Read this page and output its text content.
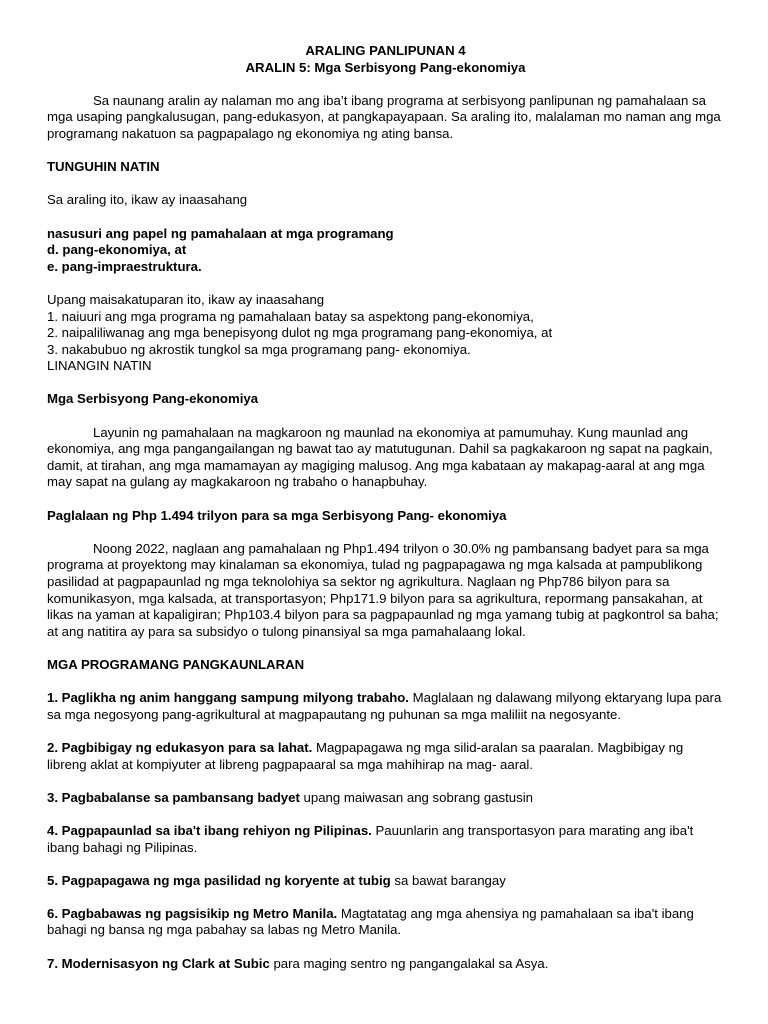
ARALING PANLIPUNAN 4

ARALIN 5: Mga Serbisyong Pang-ekonomiya

Sa naunang aralin ay nalaman mo ang iba’t ibang programa at serbisyong panlipunan ng pamahalaan sa mga usaping pangkalusugan, pang-edukasyon, at pangkapayapaan. Sa araling ito, malalaman mo naman ang mga programang nakatuon sa pagpapalago ng ekonomiya ng ating bansa.

TUNGUHIN NATIN

Sa araling ito, ikaw ay inaasahang

nasusuri ang papel ng pamahalaan at mga programang

d. pang-ekonomiya, at

e. pang-impraestruktura.

Upang maisakatuparan ito, ikaw ay inaasahang

1. naiuuri ang mga programa ng pamahalaan batay sa aspektong pang-ekonomiya,

2. naipaliliwanag ang mga benepisyong dulot ng mga programang pang-ekonomiya, at

3. nakabubuo ng akrostik tungkol sa mga programang pang- ekonomiya.

LINANGIN NATIN

Mga Serbisyong Pang-ekonomiya

Layunin ng pamahalaan na magkaroon ng maunlad na ekonomiya at pamumuhay. Kung maunlad ang ekonomiya, ang mga pangangailangan ng bawat tao ay matutugunan. Dahil sa pagkakaroon ng sapat na pagkain, damit, at tirahan, ang mga mamamayan ay magiging malusog. Ang mga kabataan ay makapag-aaral at ang mga may sapat na gulang ay magkakaroon ng trabaho o hanapbuhay.

Paglalaan ng Php 1.494 trilyon para sa mga Serbisyong Pang- ekonomiya

Noong 2022, naglaan ang pamahalaan ng Php1.494 trilyon o 30.0% ng pambansang badyet para sa mga programa at proyektong may kinalaman sa ekonomiya, tulad ng pagpapagawa ng mga kalsada at pampublikong pasilidad at pagpapaunlad ng mga teknolohiya sa sektor ng agrikultura. Naglaan ng Php786 bilyon para sa komunikasyon, mga kalsada, at transportasyon; Php171.9 bilyon para sa agrikultura, repormang pansakahan, at likas na yaman at kapaligiran; Php103.4 bilyon para sa pagpapaunlad ng mga yamang tubig at pagkontrol sa baha; at ang natitira ay para sa subsidyo o tulong pinansiyal sa mga pamahalaang lokal.

MGA PROGRAMANG PANGKAUNLARAN

1. Paglikha ng anim hanggang sampung milyong trabaho. Maglalaan ng dalawang milyong ektaryang lupa para sa mga negosyong pang-agrikultural at magpapautang ng puhunan sa mga maliliit na negosyante.

2. Pagbibigay ng edukasyon para sa lahat. Magpapagawa ng mga silid-aralan sa paaralan. Magbibigay ng libreng aklat at kompiyuter at libreng pagpapaaral sa mga mahihirap na mag- aaral.

3. Pagbabalanse sa pambansang badyet upang maiwasan ang sobrang gastusin

4. Pagpapaunlad sa iba't ibang rehiyon ng Pilipinas. Pauunlarin ang transportasyon para marating ang iba't ibang bahagi ng Pilipinas.

5. Pagpapagawa ng mga pasilidad ng koryente at tubig sa bawat barangay

6. Pagbabawas ng pagsisikip ng Metro Manila. Magtatatag ang mga ahensiya ng pamahalaan sa iba't ibang bahagi ng bansa ng mga pabahay sa labas ng Metro Manila.

7. Modernisasyon ng Clark at Subic para maging sentro ng pangangalakal sa Asya.
